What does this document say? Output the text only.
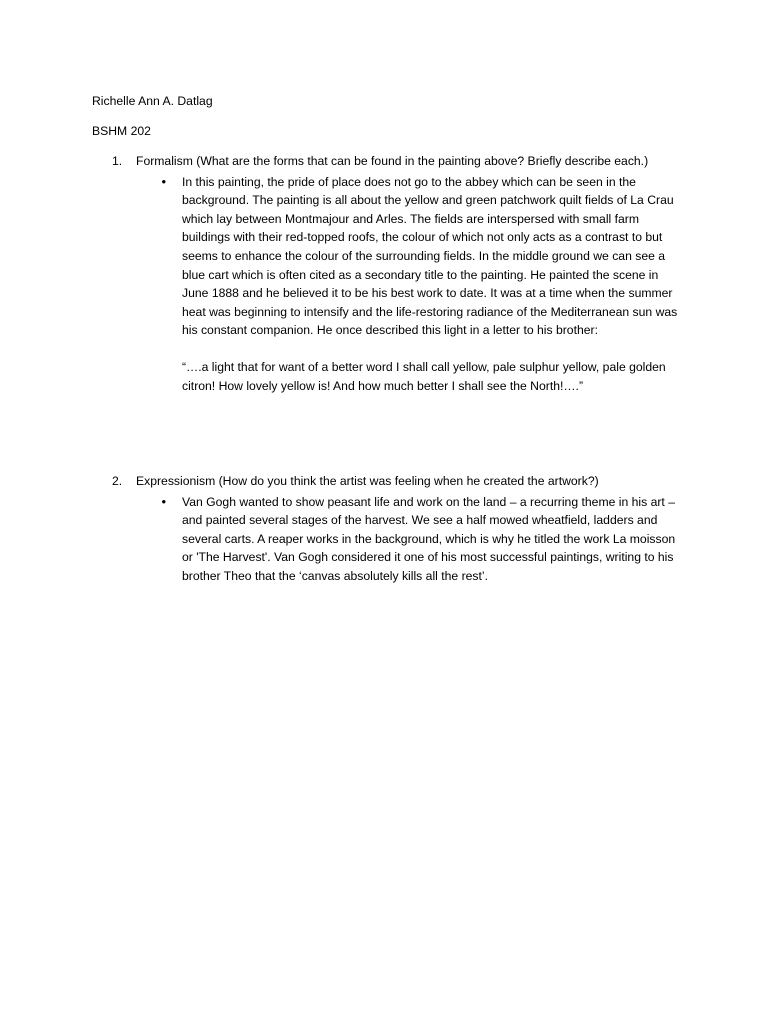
Richelle Ann A. Datlag
BSHM 202
1.	Formalism (What are the forms that can be found in the painting above? Briefly describe each.)
•	In this painting, the pride of place does not go to the abbey which can be seen in the background. The painting is all about the yellow and green patchwork quilt fields of La Crau which lay between Montmajour and Arles. The fields are interspersed with small farm buildings with their red-topped roofs, the colour of which not only acts as a contrast to but seems to enhance the colour of the surrounding fields. In the middle ground we can see a blue cart which is often cited as a secondary title to the painting. He painted the scene in June 1888 and he believed it to be his best work to date. It was at a time when the summer heat was beginning to intensify and the life-restoring radiance of the Mediterranean sun was his constant companion. He once described this light in a letter to his brother:
“….a light that for want of a better word I shall call yellow, pale sulphur yellow, pale golden citron! How lovely yellow is! And how much better I shall see the North!….”
2.	Expressionism (How do you think the artist was feeling when he created the artwork?)
•	Van Gogh wanted to show peasant life and work on the land – a recurring theme in his art – and painted several stages of the harvest. We see a half mowed wheatfield, ladders and several carts. A reaper works in the background, which is why he titled the work La moisson or 'The Harvest'. Van Gogh considered it one of his most successful paintings, writing to his brother Theo that the ‘canvas absolutely kills all the rest’.
